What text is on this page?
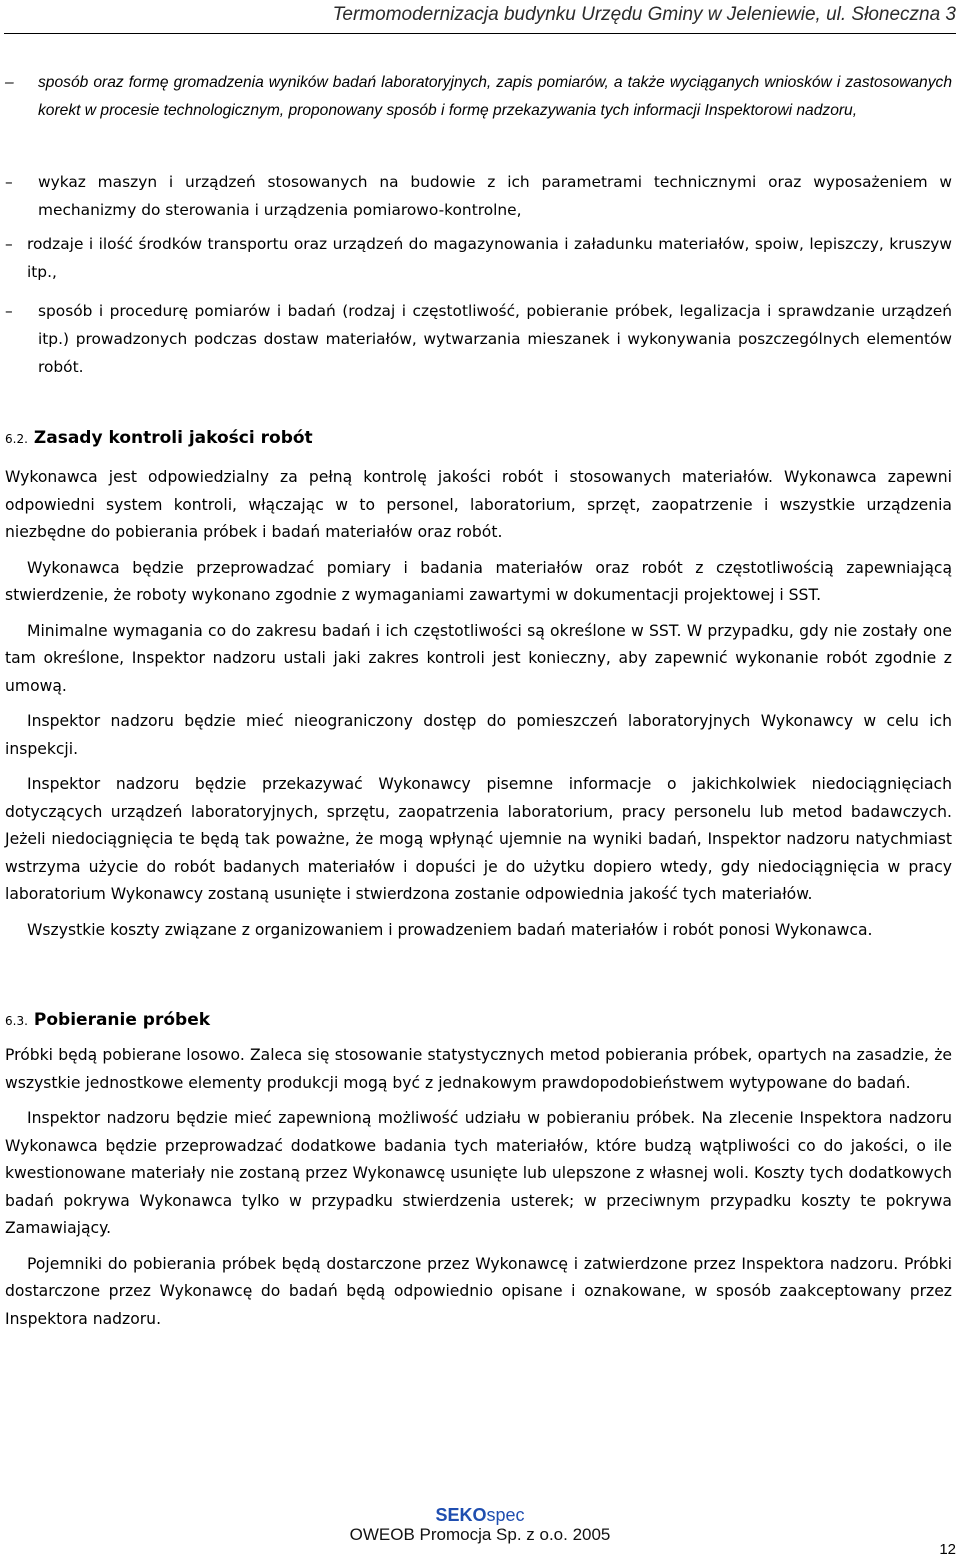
Termomodernizacja budynku Urzędu Gminy w Jeleniewie, ul. Słoneczna 3
–	sposób oraz formę gromadzenia wyników badań laboratoryjnych, zapis pomiarów, a także wyciąganych wniosków i zastosowanych korekt w procesie technologicznym, proponowany sposób i formę przekazywania tych informacji Inspektorowi nadzoru,
–	wykaz maszyn i urządzeń stosowanych na budowie z ich parametrami technicznymi oraz wyposażeniem w mechanizmy do sterowania i urządzenia pomiarowo-kontrolne,
– rodzaje i ilość środków transportu oraz urządzeń do magazynowania i załadunku materiałów, spoiw, lepiszczy, kruszyw itp.,
–	sposób i procedurę pomiarów i badań (rodzaj i częstotliwość, pobieranie próbek, legalizacja i sprawdzanie urządzeń itp.) prowadzonych podczas dostaw materiałów, wytwarzania mieszanek i wykonywania poszczególnych elementów robót.
6.2. Zasady kontroli jakości robót

Wykonawca jest odpowiedzialny za pełną kontrolę jakości robót i stosowanych materiałów. Wykonawca zapewni odpowiedni system kontroli, włączając w to personel, laboratorium, sprzęt, zaopatrzenie i wszystkie urządzenia niezbędne do pobierania próbek i badań materiałów oraz robót.

Wykonawca będzie przeprowadzać pomiary i badania materiałów oraz robót z częstotliwością zapewniającą stwierdzenie, że roboty wykonano zgodnie z wymaganiami zawartymi w dokumentacji projektowej i SST.

Minimalne wymagania co do zakresu badań i ich częstotliwości są określone w SST. W przypadku, gdy nie zostały one tam określone, Inspektor nadzoru ustali jaki zakres kontroli jest konieczny, aby zapewnić wykonanie robót zgodnie z umową.

Inspektor nadzoru będzie mieć nieograniczony dostęp do pomieszczeń laboratoryjnych Wykonawcy w celu ich inspekcji.

Inspektor nadzoru będzie przekazywać Wykonawcy pisemne informacje o jakichkolwiek niedociągnięciach dotyczących urządzeń laboratoryjnych, sprzętu, zaopatrzenia laboratorium, pracy personelu lub metod badawczych. Jeżeli niedociągnięcia te będą tak poważne, że mogą wpłynąć ujemnie na wyniki badań, Inspektor nadzoru natychmiast wstrzyma użycie do robót badanych materiałów i dopuści je do użytku dopiero wtedy, gdy niedociągnięcia w pracy laboratorium Wykonawcy zostaną usunięte i stwierdzona zostanie odpowiednia jakość tych materiałów.

Wszystkie koszty związane z organizowaniem i prowadzeniem badań materiałów i robót ponosi Wykonawca.

6.3. Pobieranie próbek

Próbki będą pobierane losowo. Zaleca się stosowanie statystycznych metod pobierania próbek, opartych na zasadzie, że wszystkie jednostkowe elementy produkcji mogą być z jednakowym prawdopodobieństwem wytypowane do badań.

Inspektor nadzoru będzie mieć zapewnioną możliwość udziału w pobieraniu próbek. Na zlecenie Inspektora nadzoru Wykonawca będzie przeprowadzać dodatkowe badania tych materiałów, które budzą wątpliwości co do jakości, o ile kwestionowane materiały nie zostaną przez Wykonawcę usunięte lub ulepszone z własnej woli. Koszty tych dodatkowych badań pokrywa Wykonawca tylko w przypadku stwierdzenia usterek; w przeciwnym przypadku koszty te pokrywa Zamawiający.

Pojemniki do pobierania próbek będą dostarczone przez Wykonawcę i zatwierdzone przez Inspektora nadzoru. Próbki dostarczone przez Wykonawcę do badań będą odpowiednio opisane i oznakowane, w sposób zaakceptowany przez Inspektora nadzoru.

SEKOspec
OWEOB Promocja Sp. z o.o. 2005
12
